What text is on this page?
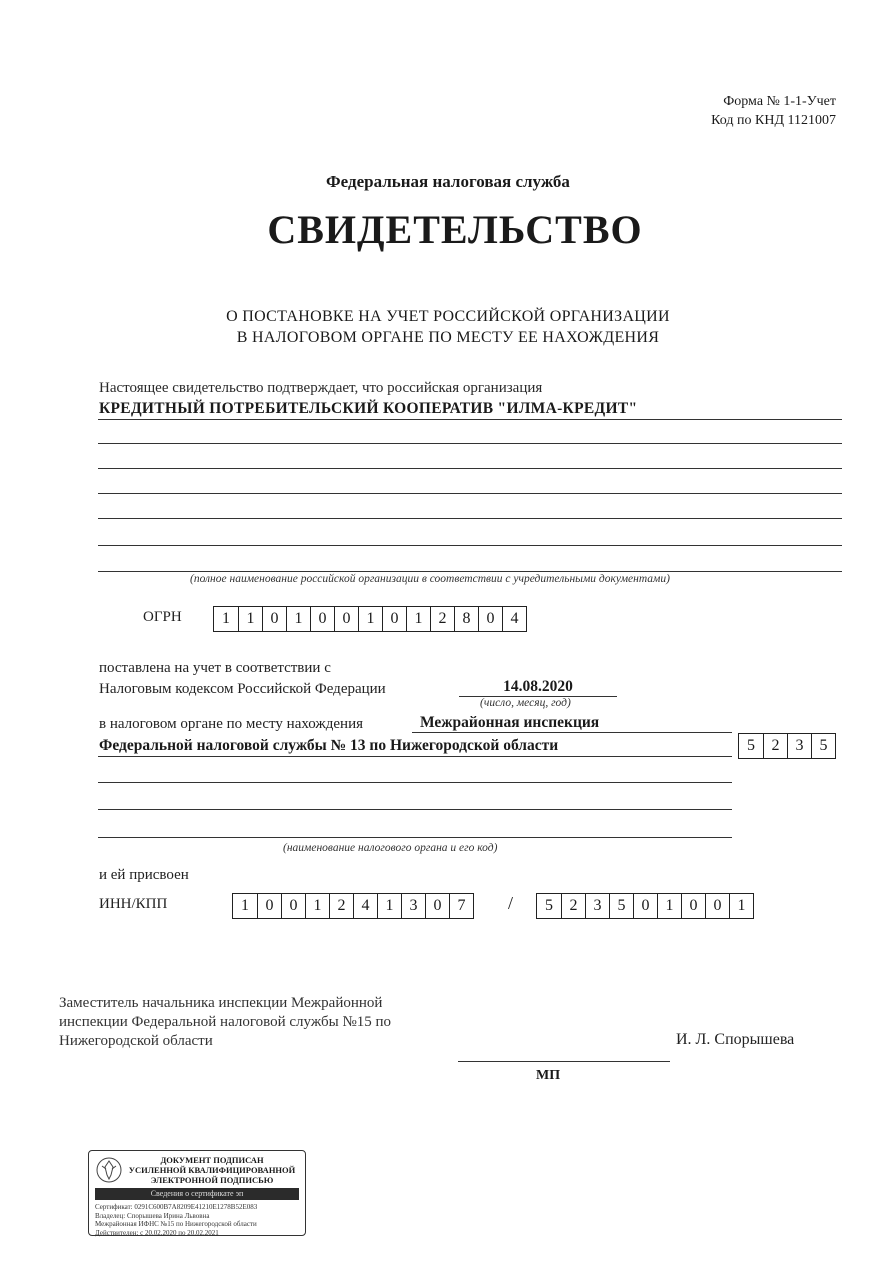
Форма № 1-1-Учет
Код по КНД 1121007
Федеральная налоговая служба
СВИДЕТЕЛЬСТВО
О ПОСТАНОВКЕ НА УЧЕТ РОССИЙСКОЙ ОРГАНИЗАЦИИ
В НАЛОГОВОМ ОРГАНЕ ПО МЕСТУ ЕЕ НАХОЖДЕНИЯ
Настоящее свидетельство подтверждает, что российская организация
КРЕДИТНЫЙ ПОТРЕБИТЕЛЬСКИЙ КООПЕРАТИВ "ИЛМА-КРЕДИТ"
(полное наименование российской организации в соответствии с учредительными документами)
ОГРН	1	1	0	1	0	0	1	0	1	2	8	0	4
поставлена на учет в соответствии с
Налоговым кодексом Российской Федерации	14.08.2020
(число, месяц, год)
в налоговом органе по месту нахождения	Межрайонная инспекция
Федеральной налоговой службы № 13 по Нижегородской области	5	2	3	5
(наименование налогового органа и его код)
и ей присвоен
ИНН/КПП	1	0	0	1	2	4	1	3	0	7	/	5	2	3	5	0	1	0	0	1
Заместитель начальника инспекции Межрайонной
инспекции Федеральной налоговой службы №15 по
Нижегородской области	И. Л. Спорышева
МП
ДОКУМЕНТ ПОДПИСАН
УСИЛЕННОЙ КВАЛИФИЦИРОВАННОЙ
ЭЛЕКТРОННОЙ ПОДПИСЬЮ
Сведения о сертификате эп
Сертификат: 0291C600B7A8209E41210E1278B52E083
Владелец: Спорышева Ирина Львовна
Межрайонная ИФНС №15 по Нижегородской области
Действителен: с 20.02.2020 по 20.02.2021
